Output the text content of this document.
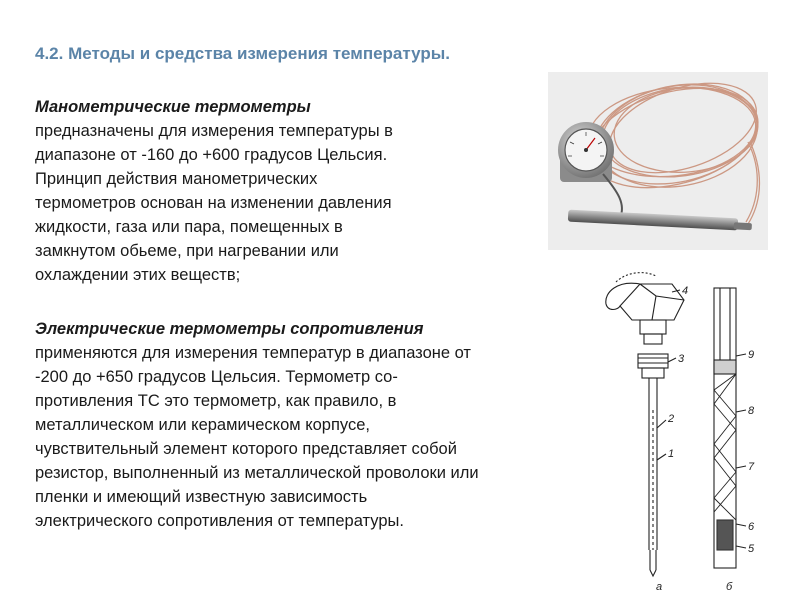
4.2. Методы и средства измерения температуры.
Манометрические термометры
предназначены для измерения температуры в
диапазоне от -160 до +600 градусов Цельсия.
Принцип действия манометрических
термометров основан на изменении давления
жидкости, газа или пара, помещенных в
замкнутом обьеме, при нагревании или
охлаждении этих веществ;
Электрические термометры сопротивления
применяются для измерения температур в диапазоне от
-200 до +650 градусов Цельсия. Термометр со-
противления ТС это термометр, как правило, в
металлическом или керамическом корпусе,
чувствительный элемент которого представляет собой
резистор, выполненный из металлической проволоки или
пленки и имеющий известную зависимость
электрического сопротивления от температуры.
4
3
2
1
а
9
8
7
6
5
б
